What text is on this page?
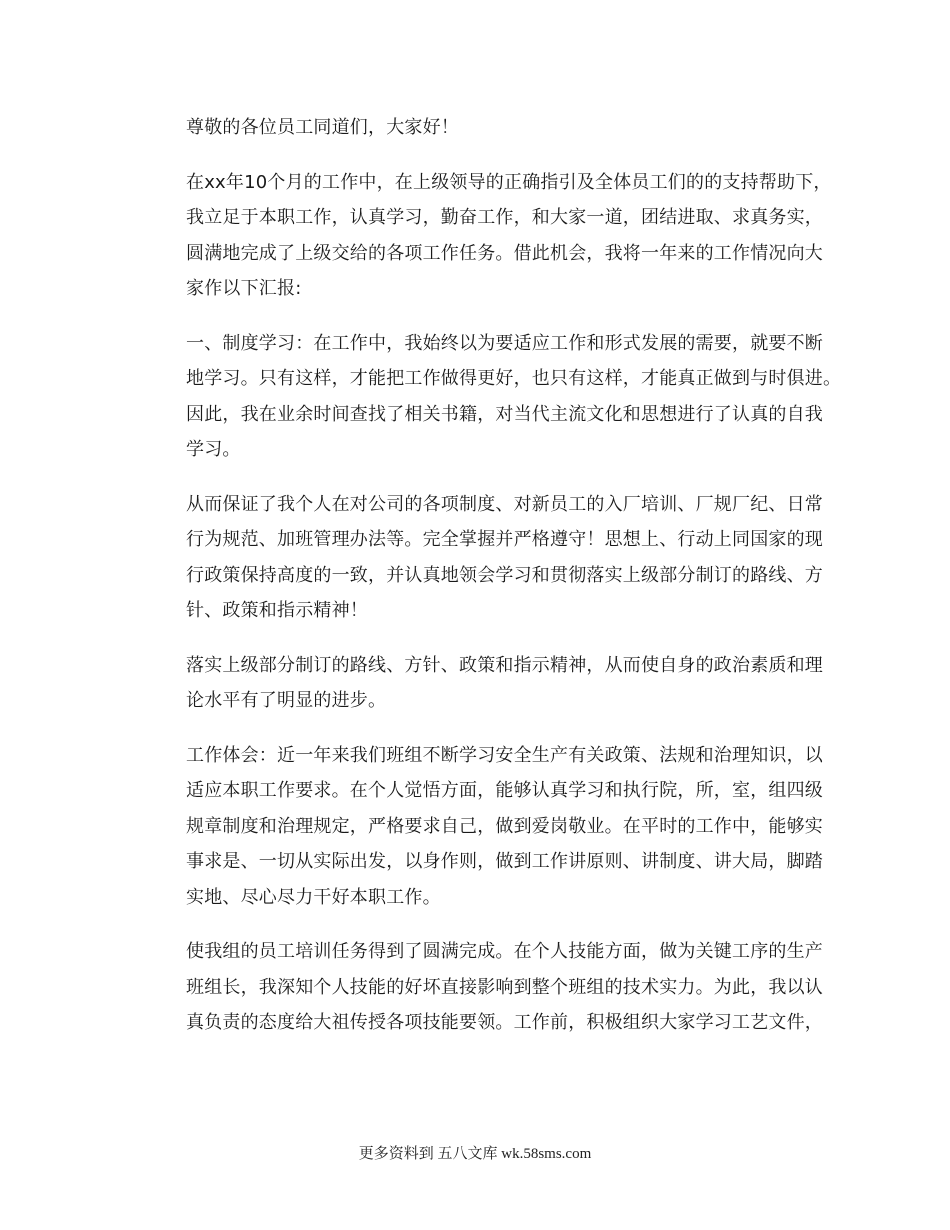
尊敬的各位员工同道们，大家好！

在xx年10个月的工作中，在上级领导的正确指引及全体员工们的的支持帮助下，
我立足于本职工作，认真学习，勤奋工作，和大家一道，团结进取、求真务实，
圆满地完成了上级交给的各项工作任务。借此机会，我将一年来的工作情况向大
家作以下汇报:

一、制度学习：在工作中，我始终以为要适应工作和形式发展的需要，就要不断
地学习。只有这样，才能把工作做得更好，也只有这样，才能真正做到与时俱进。
因此，我在业余时间查找了相关书籍，对当代主流文化和思想进行了认真的自我
学习。

从而保证了我个人在对公司的各项制度、对新员工的入厂培训、厂规厂纪、日常
行为规范、加班管理办法等。完全掌握并严格遵守！思想上、行动上同国家的现
行政策保持高度的一致，并认真地领会学习和贯彻落实上级部分制订的路线、方
针、政策和指示精神！

落实上级部分制订的路线、方针、政策和指示精神，从而使自身的政治素质和理
论水平有了明显的进步。

工作体会：近一年来我们班组不断学习安全生产有关政策、法规和治理知识，以
适应本职工作要求。在个人觉悟方面，能够认真学习和执行院，所，室，组四级
规章制度和治理规定，严格要求自己，做到爱岗敬业。在平时的工作中，能够实
事求是、一切从实际出发，以身作则，做到工作讲原则、讲制度、讲大局，脚踏
实地、尽心尽力干好本职工作。

使我组的员工培训任务得到了圆满完成。在个人技能方面，做为关键工序的生产
班组长，我深知个人技能的好坏直接影响到整个班组的技术实力。为此，我以认
真负责的态度给大祖传授各项技能要领。工作前，积极组织大家学习工艺文件，

更多资料到 五八文库 wk.58sms.com
